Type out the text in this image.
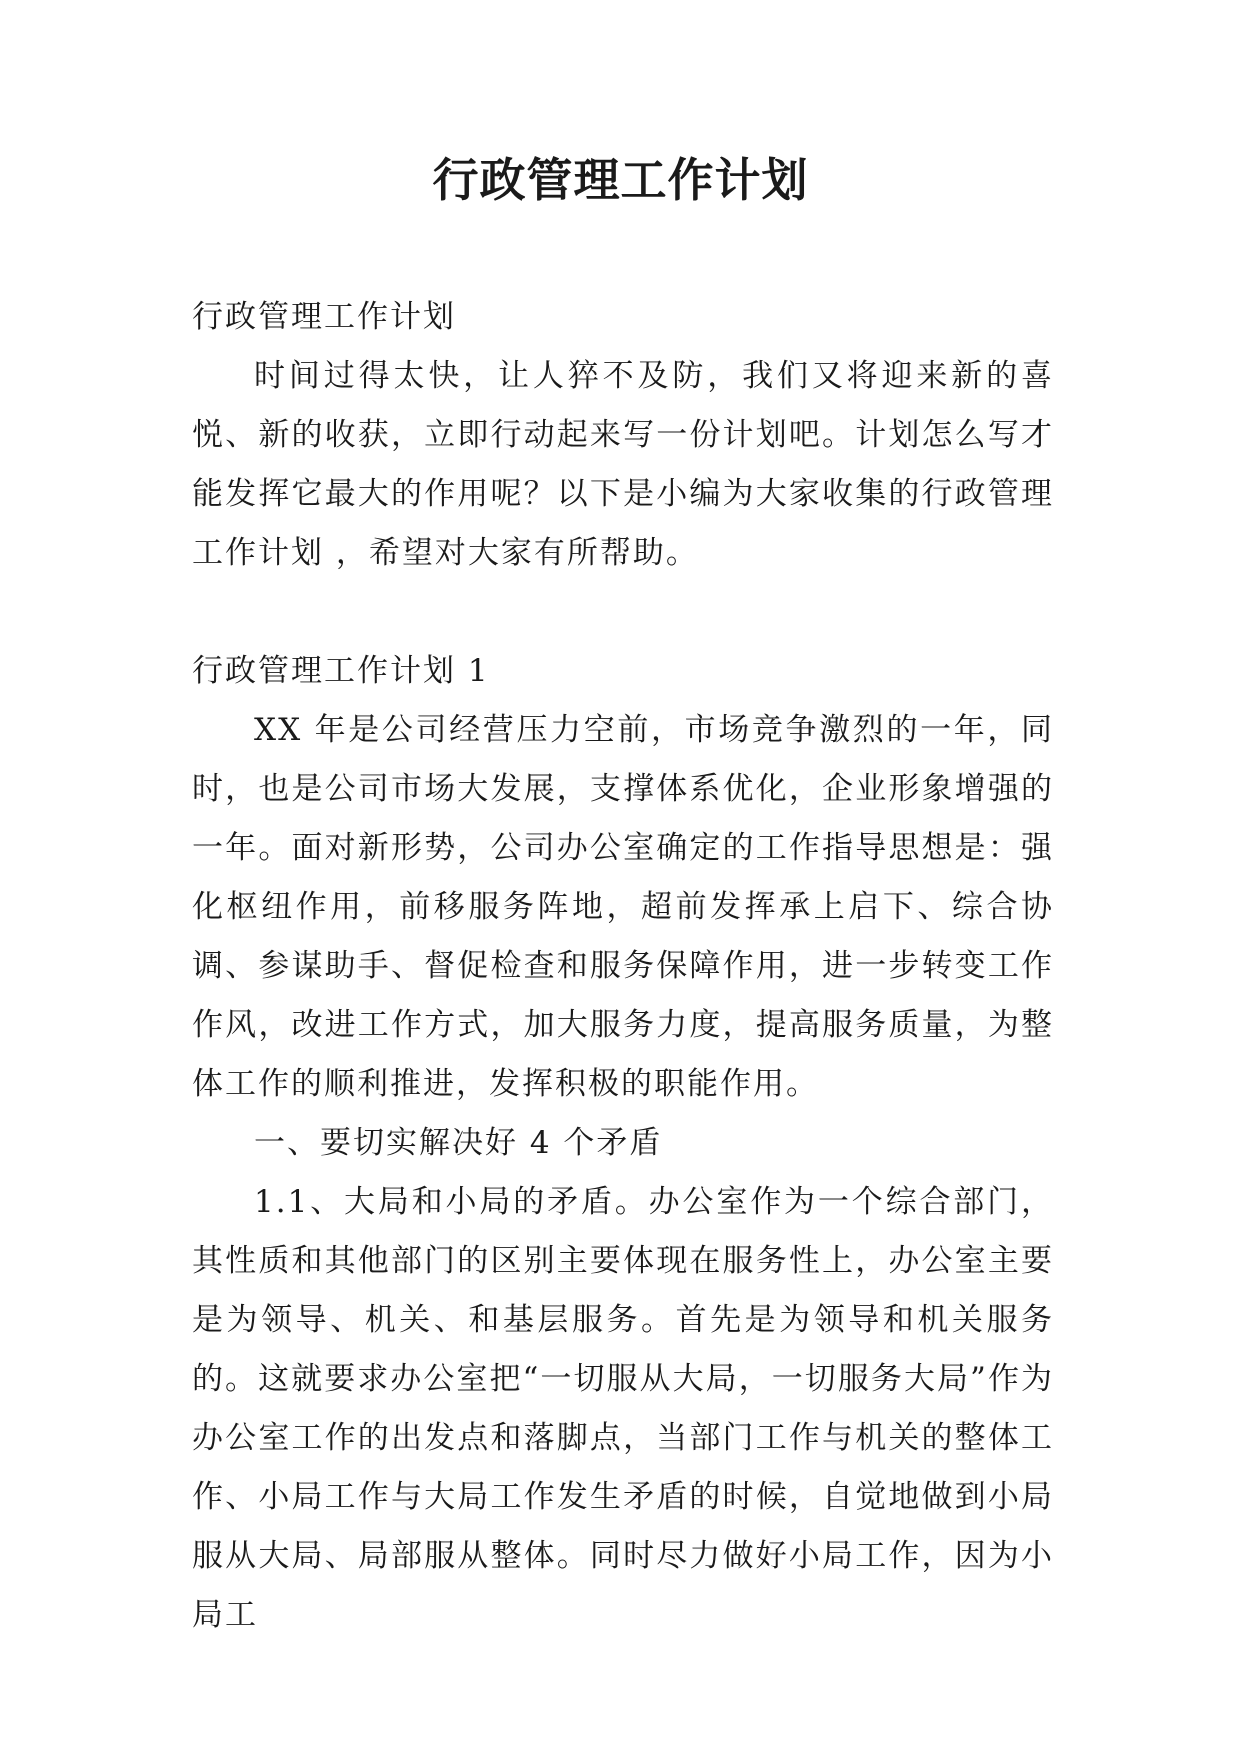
行政管理工作计划

行政管理工作计划

时间过得太快，让人猝不及防，我们又将迎来新的喜悦、新的收获，立即行动起来写一份计划吧。计划怎么写才能发挥它最大的作用呢？以下是小编为大家收集的行政管理工作计划 ，希望对大家有所帮助。

行政管理工作计划 1

XX 年是公司经营压力空前，市场竞争激烈的一年，同时，也是公司市场大发展，支撑体系优化，企业形象增强的一年。面对新形势，公司办公室确定的工作指导思想是：强化枢纽作用，前移服务阵地，超前发挥承上启下、综合协调、参谋助手、督促检查和服务保障作用，进一步转变工作作风，改进工作方式，加大服务力度，提高服务质量，为整体工作的顺利推进，发挥积极的职能作用。

一、要切实解决好 4 个矛盾

1.1、大局和小局的矛盾。办公室作为一个综合部门，其性质和其他部门的区别主要体现在服务性上，办公室主要是为领导、机关、和基层服务。首先是为领导和机关服务的。这就要求办公室把“一切服从大局，一切服务大局”作为办公室工作的出发点和落脚点，当部门工作与机关的整体工作、小局工作与大局工作发生矛盾的时候，自觉地做到小局服从大局、局部服从整体。同时尽力做好小局工作，因为小局工
